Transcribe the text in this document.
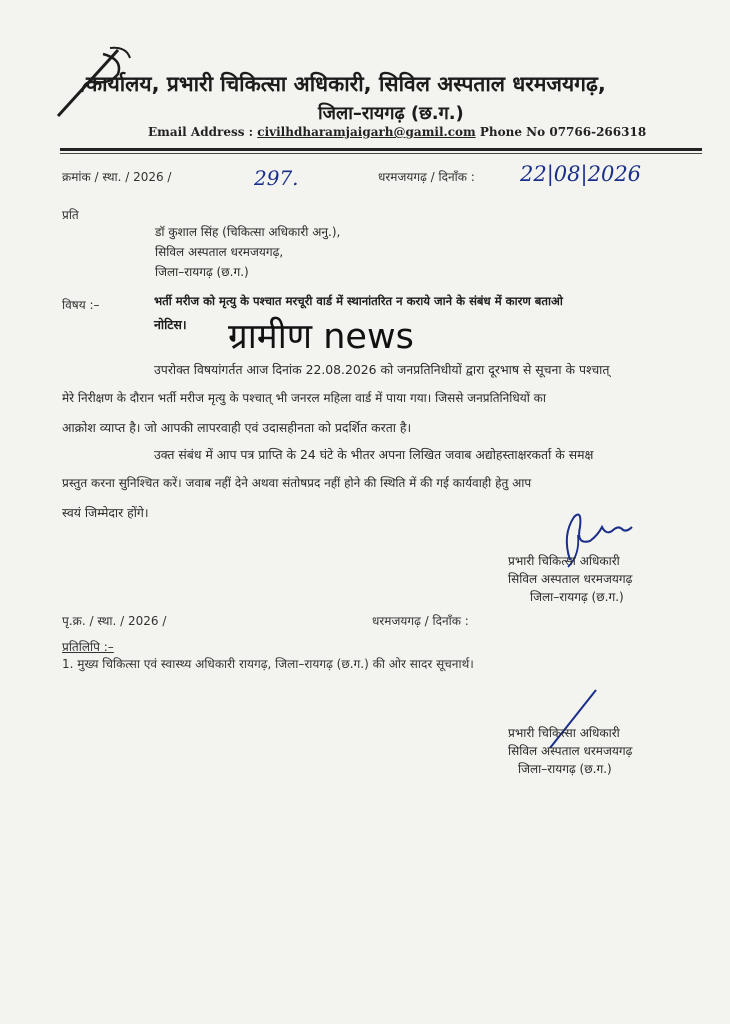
कार्यालय, प्रभारी चिकित्सा अधिकारी, सिविल अस्पताल धरमजयगढ़,
जिला–रायगढ़ (छ.ग.)
Email Address : civilhdharamjaigarh@gamil.com Phone No 07766-266318
क्रमांक / स्था. / 2026 /	297.	धरमजयगढ़ / दिनाँक : 22|08|2026
प्रति
डॉ कुशाल सिंह (चिकित्सा अधिकारी अनु.),
सिविल अस्पताल धरमजयगढ़,
जिला–रायगढ़ (छ.ग.)
विषय :–	भर्ती मरीज को मृत्यु के पश्चात मरचूरी वार्ड में स्थानांतरित न कराये जाने के संबंध में कारण बताओ
नोटिस।	ग्रामीण news
उपरोक्त विषयांगर्तत आज दिनांक 22.08.2026 को जनप्रतिनिधीयों द्वारा दूरभाष से सूचना के पश्चात्
मेरे निरीक्षण के दौरान भर्ती मरीज मृत्यु के पश्चात् भी जनरल महिला वार्ड में पाया गया। जिससे जनप्रतिनिधियों का
आक्रोश व्याप्त है। जो आपकी लापरवाही एवं उदासहीनता को प्रदर्शित करता है।
उक्त संबंध में आप पत्र प्राप्ति के 24 घंटे के भीतर अपना लिखित जवाब अद्योहस्ताक्षरकर्ता के समक्ष
प्रस्तुत करना सुनिश्चित करें। जवाब नहीं देने अथवा संतोषप्रद नहीं होने की स्थिति में की गई कार्यवाही हेतु आप
स्वयं जिम्मेदार होंगे।
प्रभारी चिकित्सा अधिकारी
सिविल अस्पताल धरमजयगढ़
जिला–रायगढ़ (छ.ग.)
पृ.क्र. / स्था. / 2026 /	धरमजयगढ़ / दिनाँक :
प्रतिलिपि :–
1. मुख्य चिकित्सा एवं स्वास्थ्य अधिकारी रायगढ़, जिला–रायगढ़ (छ.ग.) की ओर सादर सूचनार्थ।
प्रभारी चिकित्सा अधिकारी
सिविल अस्पताल धरमजयगढ़
जिला–रायगढ़ (छ.ग.)
